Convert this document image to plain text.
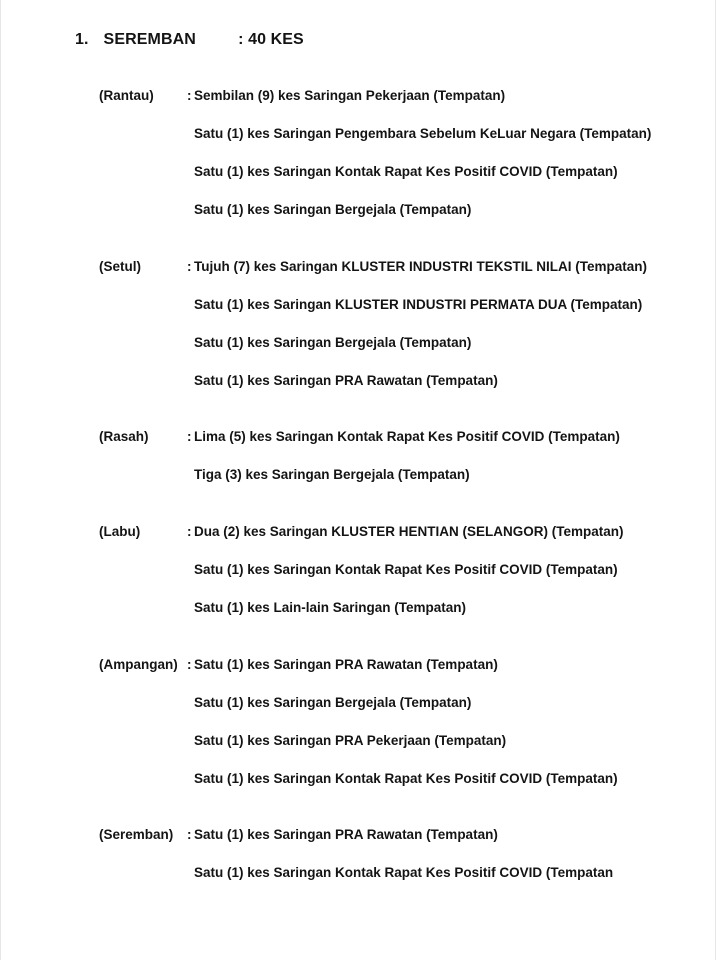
1. SEREMBAN	: 40 KES
(Rantau) : Sembilan (9) kes Saringan Pekerjaan (Tempatan)
Satu (1) kes Saringan Pengembara Sebelum KeLuar Negara (Tempatan)
Satu (1) kes Saringan Kontak Rapat Kes Positif COVID (Tempatan)
Satu (1) kes Saringan Bergejala (Tempatan)
(Setul)	: Tujuh (7) kes Saringan KLUSTER INDUSTRI TEKSTIL NILAI (Tempatan)
Satu (1) kes Saringan KLUSTER INDUSTRI PERMATA DUA (Tempatan)
Satu (1) kes Saringan Bergejala (Tempatan)
Satu (1) kes Saringan PRA Rawatan (Tempatan)
(Rasah)	: Lima (5) kes Saringan Kontak Rapat Kes Positif COVID (Tempatan)
Tiga (3) kes Saringan Bergejala (Tempatan)
(Labu)	: Dua (2) kes Saringan KLUSTER HENTIAN (SELANGOR) (Tempatan)
Satu (1) kes Saringan Kontak Rapat Kes Positif COVID (Tempatan)
Satu (1) kes Lain-lain Saringan (Tempatan)
(Ampangan) : Satu (1) kes Saringan PRA Rawatan (Tempatan)
Satu (1) kes Saringan Bergejala (Tempatan)
Satu (1) kes Saringan PRA Pekerjaan (Tempatan)
Satu (1) kes Saringan Kontak Rapat Kes Positif COVID (Tempatan)
(Seremban) : Satu (1) kes Saringan PRA Rawatan (Tempatan)
Satu (1) kes Saringan Kontak Rapat Kes Positif COVID (Tempatan
